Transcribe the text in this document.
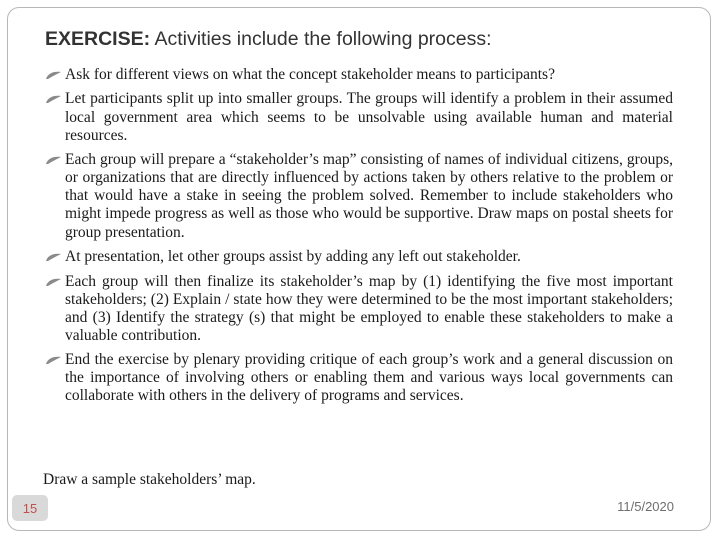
EXERCISE: Activities include the following process:
Ask for different views on what the concept stakeholder means to participants?
Let participants split up into smaller groups. The groups will identify a problem in their assumed local government area which seems to be unsolvable using available human and material resources.
Each group will prepare a “stakeholder’s map” consisting of names of individual citizens, groups, or organizations that are directly influenced by actions taken by others relative to the problem or that would have a stake in seeing the problem solved. Remember to include stakeholders who might impede progress as well as those who would be supportive. Draw maps on postal sheets for group presentation.
At presentation, let other groups assist by adding any left out stakeholder.
Each group will then finalize its stakeholder’s map by (1) identifying the five most important stakeholders; (2) Explain / state how they were determined to be the most important stakeholders; and (3) Identify the strategy (s) that might be employed to enable these stakeholders to make a valuable contribution.
End the exercise by plenary providing critique of each group’s work and a general discussion on the importance of involving others or enabling them and various ways local governments can collaborate with others in the delivery of programs and services.
Draw a sample stakeholders’ map.
15	11/5/2020
